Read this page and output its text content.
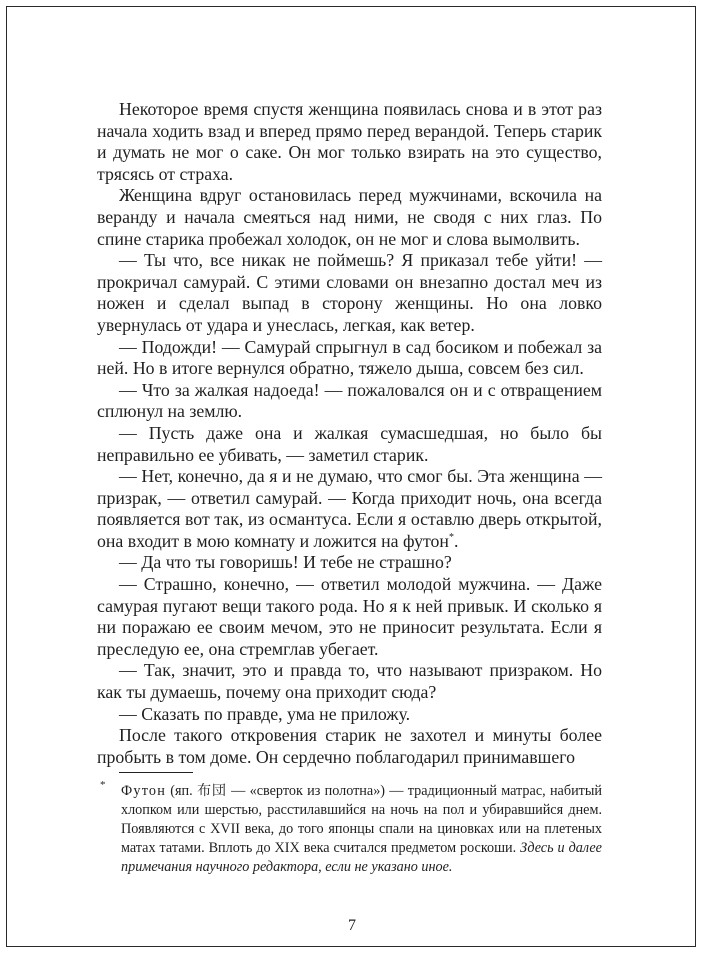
Некоторое время спустя женщина появилась снова и в этот раз начала ходить взад и вперед прямо перед верандой. Теперь старик и думать не мог о саке. Он мог только взирать на это существо, трясясь от страха.

Женщина вдруг остановилась перед мужчинами, вскочила на веранду и начала смеяться над ними, не сводя с них глаз. По спине старика пробежал холодок, он не мог и слова вымолвить.

— Ты что, все никак не поймешь? Я приказал тебе уйти! — прокричал самурай. С этими словами он внезапно достал меч из ножен и сделал выпад в сторону женщины. Но она ловко увернулась от удара и унеслась, легкая, как ветер.

— Подожди! — Самурай спрыгнул в сад босиком и побежал за ней. Но в итоге вернулся обратно, тяжело дыша, совсем без сил.

— Что за жалкая надоеда! — пожаловался он и с отвращением сплюнул на землю.

— Пусть даже она и жалкая сумасшедшая, но было бы неправильно ее убивать, — заметил старик.

— Нет, конечно, да я и не думаю, что смог бы. Эта женщина — призрак, — ответил самурай. — Когда приходит ночь, она всегда появляется вот так, из османтуса. Если я оставлю дверь открытой, она входит в мою комнату и ложится на футон*.

— Да что ты говоришь! И тебе не страшно?

— Страшно, конечно, — ответил молодой мужчина. — Даже самурая пугают вещи такого рода. Но я к ней привык. И сколько я ни поражаю ее своим мечом, это не приносит результата. Если я преследую ее, она стремглав убегает.

— Так, значит, это и правда то, что называют призраком. Но как ты думаешь, почему она приходит сюда?

— Сказать по правде, ума не приложу.

После такого откровения старик не захотел и минуты более пробыть в том доме. Он сердечно поблагодарил принимавшего

* Футон (яп. 布団 — «сверток из полотна») — традиционный матрас, набитый хлопком или шерстью, расстилавшийся на ночь на пол и убиравшийся днем. Появляются с XVII века, до того японцы спали на циновках или на плетеных матах татами. Вплоть до XIX века считался предметом роскоши. Здесь и далее примечания научного редактора, если не указано иное.
7
